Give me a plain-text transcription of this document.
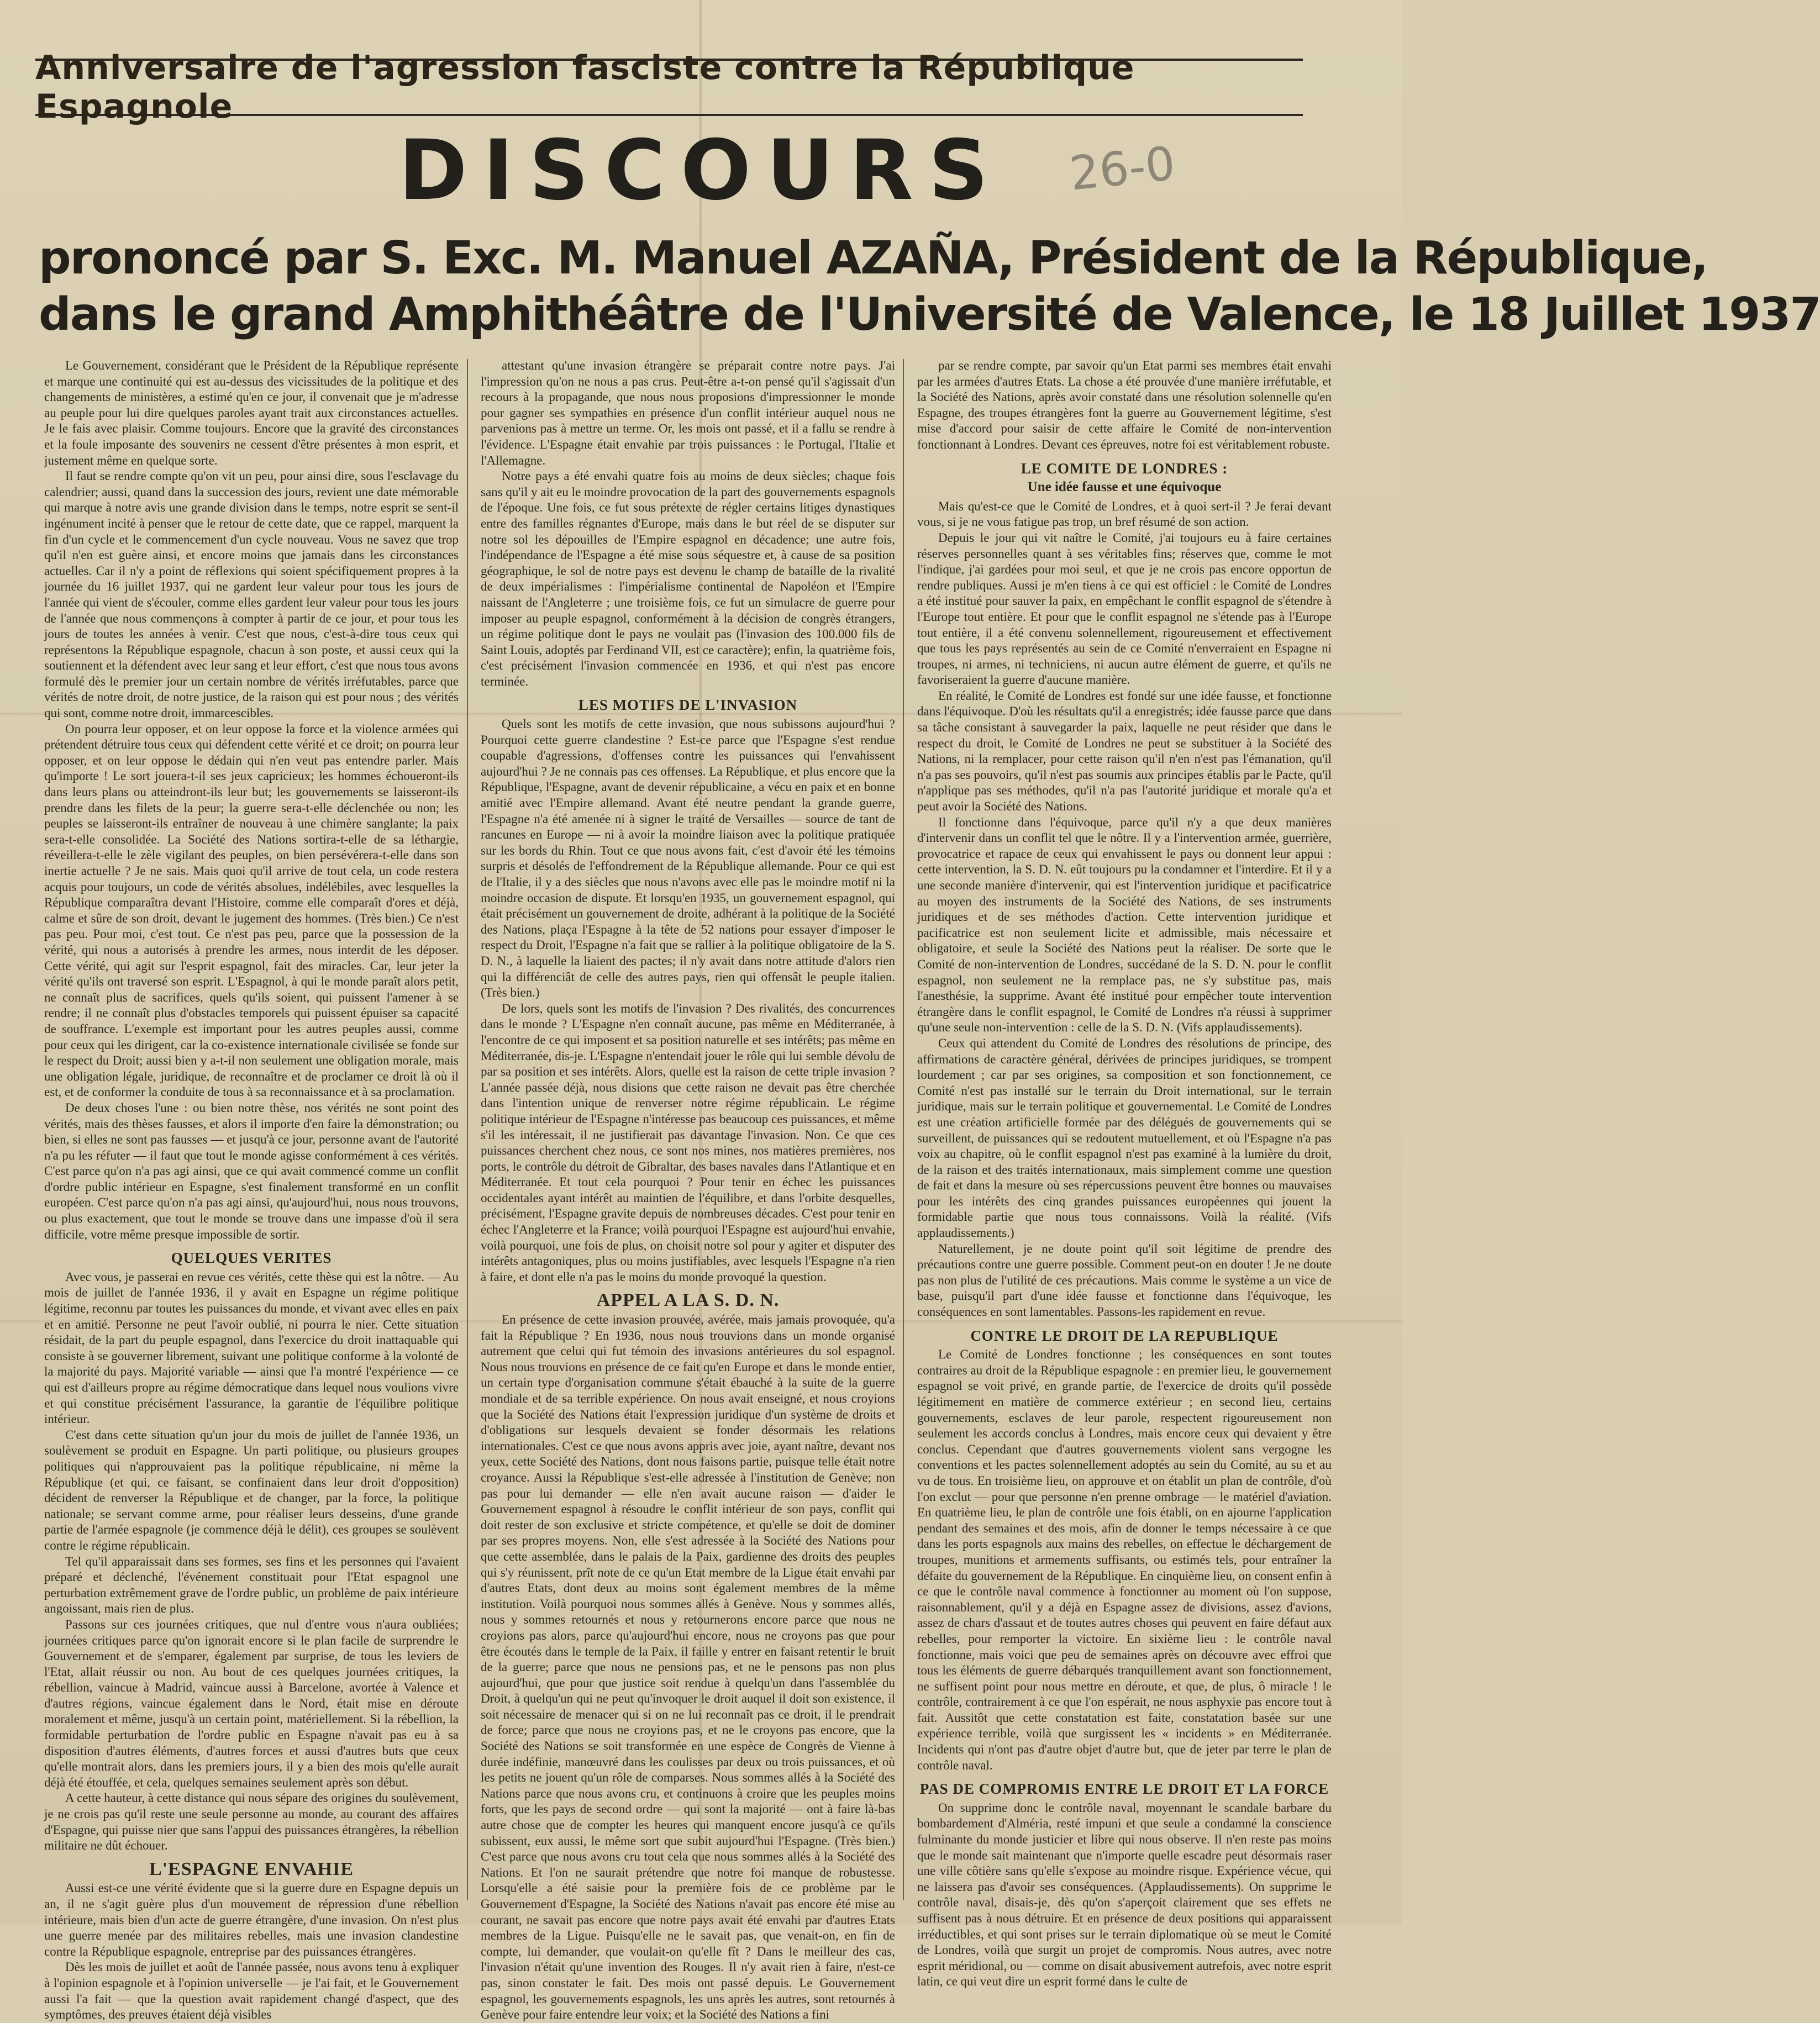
26-0
Anniversaire de l'agression fasciste contre la République Espagnole
DISCOURS
prononcé par S. Exc. M. Manuel AZAÑA, Président de la République,
dans le grand Amphithéâtre de l'Université de Valence, le 18 Juillet 1937

Le Gouvernement, considérant que le Président de la République représente et marque une continuité qui est au-dessus des vicissitudes de la politique et des changements de ministères, a estimé qu'en ce jour, il convenait que je m'adresse au peuple pour lui dire quelques paroles ayant trait aux circonstances actuelles. Je le fais avec plaisir. Comme toujours. Encore que la gravité des circonstances et la foule imposante des souvenirs ne cessent d'être présentes à mon esprit, et justement même en quelque sorte.

Il faut se rendre compte qu'on vit un peu, pour ainsi dire, sous l'esclavage du calendrier; aussi, quand dans la succession des jours, revient une date mémorable qui marque à notre avis une grande division dans le temps, notre esprit se sent-il ingénument incité à penser que le retour de cette date, que ce rappel, marquent la fin d'un cycle et le commencement d'un cycle nouveau. Vous ne savez que trop qu'il n'en est guère ainsi, et encore moins que jamais dans les circonstances actuelles. Car il n'y a point de réflexions qui soient spécifiquement propres à la journée du 16 juillet 1937, qui ne gardent leur valeur pour tous les jours de l'année qui vient de s'écouler, comme elles gardent leur valeur pour tous les jours de l'année que nous commençons à compter à partir de ce jour, et pour tous les jours de toutes les années à venir. C'est que nous, c'est-à-dire tous ceux qui représentons la République espagnole, chacun à son poste, et aussi ceux qui la soutiennent et la défendent avec leur sang et leur effort, c'est que nous tous avons formulé dès le premier jour un certain nombre de vérités irréfutables, parce que vérités de notre droit, de notre justice, de la raison qui est pour nous ; des vérités qui sont, comme notre droit, immarcescibles.

On pourra leur opposer, et on leur oppose la force et la violence armées qui prétendent détruire tous ceux qui défendent cette vérité et ce droit; on pourra leur opposer, et on leur oppose le dédain qui n'en veut pas entendre parler. Mais qu'importe ! Le sort jouera-t-il ses jeux capricieux; les hommes échoueront-ils dans leurs plans ou atteindront-ils leur but; les gouvernements se laisseront-ils prendre dans les filets de la peur; la guerre sera-t-elle déclenchée ou non; les peuples se laisseront-ils entraîner de nouveau à une chimère sanglante; la paix sera-t-elle consolidée. La Société des Nations sortira-t-elle de sa léthargie, réveillera-t-elle le zèle vigilant des peuples, on bien persévérera-t-elle dans son inertie actuelle ? Je ne sais. Mais quoi qu'il arrive de tout cela, un code restera acquis pour toujours, un code de vérités absolues, indélébiles, avec lesquelles la République comparaîtra devant l'Histoire, comme elle comparaît d'ores et déjà, calme et sûre de son droit, devant le jugement des hommes. (Très bien.) Ce n'est pas peu. Pour moi, c'est tout. Ce n'est pas peu, parce que la possession de la vérité, qui nous a autorisés à prendre les armes, nous interdit de les déposer. Cette vérité, qui agit sur l'esprit espagnol, fait des miracles. Car, leur jeter la vérité qu'ils ont traversé son esprit. L'Espagnol, à qui le monde paraît alors petit, ne connaît plus de sacrifices, quels qu'ils soient, qui puissent l'amener à se rendre; il ne connaît plus d'obstacles temporels qui puissent épuiser sa capacité de souffrance. L'exemple est important pour les autres peuples aussi, comme pour ceux qui les dirigent, car la co-existence internationale civilisée se fonde sur le respect du Droit; aussi bien y a-t-il non seulement une obligation morale, mais une obligation légale, juridique, de reconnaître et de proclamer ce droit là où il est, et de conformer la conduite de tous à sa reconnaissance et à sa proclamation.

De deux choses l'une : ou bien notre thèse, nos vérités ne sont point des vérités, mais des thèses fausses, et alors il importe d'en faire la démonstration; ou bien, si elles ne sont pas fausses — et jusqu'à ce jour, personne avant de l'autorité n'a pu les réfuter — il faut que tout le monde agisse conformément à ces vérités. C'est parce qu'on n'a pas agi ainsi, que ce qui avait commencé comme un conflit d'ordre public intérieur en Espagne, s'est finalement transformé en un conflit européen. C'est parce qu'on n'a pas agi ainsi, qu'aujourd'hui, nous nous trouvons, ou plus exactement, que tout le monde se trouve dans une impasse d'où il sera difficile, votre même presque impossible de sortir.

QUELQUES VERITES

Avec vous, je passerai en revue ces vérités, cette thèse qui est la nôtre. — Au mois de juillet de l'année 1936, il y avait en Espagne un régime politique légitime, reconnu par toutes les puissances du monde, et vivant avec elles en paix et en amitié. Personne ne peut l'avoir oublié, ni pourra le nier. Cette situation résidait, de la part du peuple espagnol, dans l'exercice du droit inattaquable qui consiste à se gouverner librement, suivant une politique conforme à la volonté de la majorité du pays. Majorité variable — ainsi que l'a montré l'expérience — ce qui est d'ailleurs propre au régime démocratique dans lequel nous voulions vivre et qui constitue précisément l'assurance, la garantie de l'équilibre politique intérieur.

C'est dans cette situation qu'un jour du mois de juillet de l'année 1936, un soulèvement se produit en Espagne. Un parti politique, ou plusieurs groupes politiques qui n'approuvaient pas la politique républicaine, ni même la République (et qui, ce faisant, se confinaient dans leur droit d'opposition) décident de renverser la République et de changer, par la force, la politique nationale; se servant comme arme, pour réaliser leurs desseins, d'une grande partie de l'armée espagnole (je commence déjà le délit), ces groupes se soulèvent contre le régime républicain.

Tel qu'il apparaissait dans ses formes, ses fins et les personnes qui l'avaient préparé et déclenché, l'événement constituait pour l'Etat espagnol une perturbation extrêmement grave de l'ordre public, un problème de paix intérieure angoissant, mais rien de plus.

Passons sur ces journées critiques, que nul d'entre vous n'aura oubliées; journées critiques parce qu'on ignorait encore si le plan facile de surprendre le Gouvernement et de s'emparer, également par surprise, de tous les leviers de l'Etat, allait réussir ou non. Au bout de ces quelques journées critiques, la rébellion, vaincue à Madrid, vaincue aussi à Barcelone, avortée à Valence et d'autres régions, vaincue également dans le Nord, était mise en déroute moralement et même, jusqu'à un certain point, matériellement. Si la rébellion, la formidable perturbation de l'ordre public en Espagne n'avait pas eu à sa disposition d'autres éléments, d'autres forces et aussi d'autres buts que ceux qu'elle montrait alors, dans les premiers jours, il y a bien des mois qu'elle aurait déjà été étouffée, et cela, quelques semaines seulement après son début.

A cette hauteur, à cette distance qui nous sépare des origines du soulèvement, je ne crois pas qu'il reste une seule personne au monde, au courant des affaires d'Espagne, qui puisse nier que sans l'appui des puissances étrangères, la rébellion militaire ne dût échouer.

L'ESPAGNE ENVAHIE

Aussi est-ce une vérité évidente que si la guerre dure en Espagne depuis un an, il ne s'agit guère plus d'un mouvement de répression d'une rébellion intérieure, mais bien d'un acte de guerre étrangère, d'une invasion. On n'est plus une guerre menée par des militaires rebelles, mais une invasion clandestine contre la République espagnole, entreprise par des puissances étrangères.

Dès les mois de juillet et août de l'année passée, nous avons tenu à expliquer à l'opinion espagnole et à l'opinion universelle — je l'ai fait, et le Gouvernement aussi l'a fait — que la question avait rapidement changé d'aspect, que des symptômes, des preuves étaient déjà visibles

attestant qu'une invasion étrangère se préparait contre notre pays. J'ai l'impression qu'on ne nous a pas crus. Peut-être a-t-on pensé qu'il s'agissait d'un recours à la propagande, que nous nous proposions d'impressionner le monde pour gagner ses sympathies en présence d'un conflit intérieur auquel nous ne parvenions pas à mettre un terme. Or, les mois ont passé, et il a fallu se rendre à l'évidence. L'Espagne était envahie par trois puissances : le Portugal, l'Italie et l'Allemagne.

Notre pays a été envahi quatre fois au moins de deux siècles; chaque fois sans qu'il y ait eu le moindre provocation de la part des gouvernements espagnols de l'époque. Une fois, ce fut sous prétexte de régler certains litiges dynastiques entre des familles régnantes d'Europe, mais dans le but réel de se disputer sur notre sol les dépouilles de l'Empire espagnol en décadence; une autre fois, l'indépendance de l'Espagne a été mise sous séquestre et, à cause de sa position géographique, le sol de notre pays est devenu le champ de bataille de la rivalité de deux impérialismes : l'impérialisme continental de Napoléon et l'Empire naissant de l'Angleterre ; une troisième fois, ce fut un simulacre de guerre pour imposer au peuple espagnol, conformément à la décision de congrès étrangers, un régime politique dont le pays ne voulait pas (l'invasion des 100.000 fils de Saint Louis, adoptés par Ferdinand VII, est ce caractère); enfin, la quatrième fois, c'est précisément l'invasion commencée en 1936, et qui n'est pas encore terminée.

LES MOTIFS DE L'INVASION

Quels sont les motifs de cette invasion, que nous subissons aujourd'hui ? Pourquoi cette guerre clandestine ? Est-ce parce que l'Espagne s'est rendue coupable d'agressions, d'offenses contre les puissances qui l'envahissent aujourd'hui ? Je ne connais pas ces offenses. La République, et plus encore que la République, l'Espagne, avant de devenir républicaine, a vécu en paix et en bonne amitié avec l'Empire allemand. Avant été neutre pendant la grande guerre, l'Espagne n'a été amenée ni à signer le traité de Versailles — source de tant de rancunes en Europe — ni à avoir la moindre liaison avec la politique pratiquée sur les bords du Rhin. Tout ce que nous avons fait, c'est d'avoir été les témoins surpris et désolés de l'effondrement de la République allemande. Pour ce qui est de l'Italie, il y a des siècles que nous n'avons avec elle pas le moindre motif ni la moindre occasion de dispute. Et lorsqu'en 1935, un gouvernement espagnol, qui était précisément un gouvernement de droite, adhérant à la politique de la Société des Nations, plaça l'Espagne à la tête de 52 nations pour essayer d'imposer le respect du Droit, l'Espagne n'a fait que se rallier à la politique obligatoire de la S. D. N., à laquelle la liaient des pactes; il n'y avait dans notre attitude d'alors rien qui la différenciât de celle des autres pays, rien qui offensât le peuple italien. (Très bien.)

De lors, quels sont les motifs de l'invasion ? Des rivalités, des concurrences dans le monde ? L'Espagne n'en connaît aucune, pas même en Méditerranée, à l'encontre de ce qui imposent et sa position naturelle et ses intérêts; pas même en Méditerranée, dis-je. L'Espagne n'entendait jouer le rôle qui lui semble dévolu de par sa position et ses intérêts. Alors, quelle est la raison de cette triple invasion ? L'année passée déjà, nous disions que cette raison ne devait pas être cherchée dans l'intention unique de renverser notre régime républicain. Le régime politique intérieur de l'Espagne n'intéresse pas beaucoup ces puissances, et même s'il les intéressait, il ne justifierait pas davantage l'invasion. Non. Ce que ces puissances cherchent chez nous, ce sont nos mines, nos matières premières, nos ports, le contrôle du détroit de Gibraltar, des bases navales dans l'Atlantique et en Méditerranée. Et tout cela pourquoi ? Pour tenir en échec les puissances occidentales ayant intérêt au maintien de l'équilibre, et dans l'orbite desquelles, précisément, l'Espagne gravite depuis de nombreuses décades. C'est pour tenir en échec l'Angleterre et la France; voilà pourquoi l'Espagne est aujourd'hui envahie, voilà pourquoi, une fois de plus, on choisit notre sol pour y agiter et disputer des intérêts antagoniques, plus ou moins justifiables, avec lesquels l'Espagne n'a rien à faire, et dont elle n'a pas le moins du monde provoqué la question.

APPEL A LA S. D. N.

En présence de cette invasion prouvée, avérée, mais jamais provoquée, qu'a fait la République ? En 1936, nous nous trouvions dans un monde organisé autrement que celui qui fut témoin des invasions antérieures du sol espagnol. Nous nous trouvions en présence de ce fait qu'en Europe et dans le monde entier, un certain type d'organisation commune s'était ébauché à la suite de la guerre mondiale et de sa terrible expérience. On nous avait enseigné, et nous croyions que la Société des Nations était l'expression juridique d'un système de droits et d'obligations sur lesquels devaient se fonder désormais les relations internationales. C'est ce que nous avons appris avec joie, ayant naître, devant nos yeux, cette Société des Nations, dont nous faisons partie, puisque telle était notre croyance. Aussi la République s'est-elle adressée à l'institution de Genève; non pas pour lui demander — elle n'en avait aucune raison — d'aider le Gouvernement espagnol à résoudre le conflit intérieur de son pays, conflit qui doit rester de son exclusive et stricte compétence, et qu'elle se doit de dominer par ses propres moyens. Non, elle s'est adressée à la Société des Nations pour que cette assemblée, dans le palais de la Paix, gardienne des droits des peuples qui s'y réunissent, prît note de ce qu'un Etat membre de la Ligue était envahi par d'autres Etats, dont deux au moins sont également membres de la même institution. Voilà pourquoi nous sommes allés à Genève. Nous y sommes allés, nous y sommes retournés et nous y retournerons encore parce que nous ne croyions pas alors, parce qu'aujourd'hui encore, nous ne croyons pas que pour être écoutés dans le temple de la Paix, il faille y entrer en faisant retentir le bruit de la guerre; parce que nous ne pensions pas, et ne le pensons pas non plus aujourd'hui, que pour que justice soit rendue à quelqu'un dans l'assemblée du Droit, à quelqu'un qui ne peut qu'invoquer le droit auquel il doit son existence, il soit nécessaire de menacer qui si on ne lui reconnaît pas ce droit, il le prendrait de force; parce que nous ne croyions pas, et ne le croyons pas encore, que la Société des Nations se soit transformée en une espèce de Congrès de Vienne à durée indéfinie, manœuvré dans les coulisses par deux ou trois puissances, et où les petits ne jouent qu'un rôle de comparses. Nous sommes allés à la Société des Nations parce que nous avons cru, et continuons à croire que les peuples moins forts, que les pays de second ordre — qui sont la majorité — ont à faire là-bas autre chose que de compter les heures qui manquent encore jusqu'à ce qu'ils subissent, eux aussi, le même sort que subit aujourd'hui l'Espagne. (Très bien.) C'est parce que nous avons cru tout cela que nous sommes allés à la Société des Nations. Et l'on ne saurait prétendre que notre foi manque de robustesse. Lorsqu'elle a été saisie pour la première fois de ce problème par le Gouvernement d'Espagne, la Société des Nations n'avait pas encore été mise au courant, ne savait pas encore que notre pays avait été envahi par d'autres Etats membres de la Ligue. Puisqu'elle ne le savait pas, que venait-on, en fin de compte, lui demander, que voulait-on qu'elle fît ? Dans le meilleur des cas, l'invasion n'était qu'une invention des Rouges. Il n'y avait rien à faire, n'est-ce pas, sinon constater le fait. Des mois ont passé depuis. Le Gouvernement espagnol, les gouvernements espagnols, les uns après les autres, sont retournés à Genève pour faire entendre leur voix; et la Société des Nations a fini

par se rendre compte, par savoir qu'un Etat parmi ses membres était envahi par les armées d'autres Etats. La chose a été prouvée d'une manière irréfutable, et la Société des Nations, après avoir constaté dans une résolution solennelle qu'en Espagne, des troupes étrangères font la guerre au Gouvernement légitime, s'est mise d'accord pour saisir de cette affaire le Comité de non-intervention fonctionnant à Londres. Devant ces épreuves, notre foi est véritablement robuste.

LE COMITE DE LONDRES :
Une idée fausse et une équivoque

Mais qu'est-ce que le Comité de Londres, et à quoi sert-il ? Je ferai devant vous, si je ne vous fatigue pas trop, un bref résumé de son action.

Depuis le jour qui vit naître le Comité, j'ai toujours eu à faire certaines réserves personnelles quant à ses véritables fins; réserves que, comme le mot l'indique, j'ai gardées pour moi seul, et que je ne crois pas encore opportun de rendre publiques. Aussi je m'en tiens à ce qui est officiel : le Comité de Londres a été institué pour sauver la paix, en empêchant le conflit espagnol de s'étendre à l'Europe tout entière. Et pour que le conflit espagnol ne s'étende pas à l'Europe tout entière, il a été convenu solennellement, rigoureusement et effectivement que tous les pays représentés au sein de ce Comité n'enverraient en Espagne ni troupes, ni armes, ni techniciens, ni aucun autre élément de guerre, et qu'ils ne favoriseraient la guerre d'aucune manière.

En réalité, le Comité de Londres est fondé sur une idée fausse, et fonctionne dans l'équivoque. D'où les résultats qu'il a enregistrés; idée fausse parce que dans sa tâche consistant à sauvegarder la paix, laquelle ne peut résider que dans le respect du droit, le Comité de Londres ne peut se substituer à la Société des Nations, ni la remplacer, pour cette raison qu'il n'en n'est pas l'émanation, qu'il n'a pas ses pouvoirs, qu'il n'est pas soumis aux principes établis par le Pacte, qu'il n'applique pas ses méthodes, qu'il n'a pas l'autorité juridique et morale qu'a et peut avoir la Société des Nations.

Il fonctionne dans l'équivoque, parce qu'il n'y a que deux manières d'intervenir dans un conflit tel que le nôtre. Il y a l'intervention armée, guerrière, provocatrice et rapace de ceux qui envahissent le pays ou donnent leur appui : cette intervention, la S. D. N. eût toujours pu la condamner et l'interdire. Et il y a une seconde manière d'intervenir, qui est l'intervention juridique et pacificatrice au moyen des instruments de la Société des Nations, de ses instruments juridiques et de ses méthodes d'action. Cette intervention juridique et pacificatrice est non seulement licite et admissible, mais nécessaire et obligatoire, et seule la Société des Nations peut la réaliser. De sorte que le Comité de non-intervention de Londres, succédané de la S. D. N. pour le conflit espagnol, non seulement ne la remplace pas, ne s'y substitue pas, mais l'anesthésie, la supprime. Avant été institué pour empêcher toute intervention étrangère dans le conflit espagnol, le Comité de Londres n'a réussi à supprimer qu'une seule non-intervention : celle de la S. D. N. (Vifs applaudissements).

Ceux qui attendent du Comité de Londres des résolutions de principe, des affirmations de caractère général, dérivées de principes juridiques, se trompent lourdement ; car par ses origines, sa composition et son fonctionnement, ce Comité n'est pas installé sur le terrain du Droit international, sur le terrain juridique, mais sur le terrain politique et gouvernemental. Le Comité de Londres est une création artificielle formée par des délégués de gouvernements qui se surveillent, de puissances qui se redoutent mutuellement, et où l'Espagne n'a pas voix au chapitre, où le conflit espagnol n'est pas examiné à la lumière du droit, de la raison et des traités internationaux, mais simplement comme une question de fait et dans la mesure où ses répercussions peuvent être bonnes ou mauvaises pour les intérêts des cinq grandes puissances européennes qui jouent la formidable partie que nous tous connaissons. Voilà la réalité. (Vifs applaudissements.)

Naturellement, je ne doute point qu'il soit légitime de prendre des précautions contre une guerre possible. Comment peut-on en douter ! Je ne doute pas non plus de l'utilité de ces précautions. Mais comme le système a un vice de base, puisqu'il part d'une idée fausse et fonctionne dans l'équivoque, les conséquences en sont lamentables. Passons-les rapidement en revue.

CONTRE LE DROIT DE LA REPUBLIQUE

Le Comité de Londres fonctionne ; les conséquences en sont toutes contraires au droit de la République espagnole : en premier lieu, le gouvernement espagnol se voit privé, en grande partie, de l'exercice de droits qu'il possède légitimement en matière de commerce extérieur ; en second lieu, certains gouvernements, esclaves de leur parole, respectent rigoureusement non seulement les accords conclus à Londres, mais encore ceux qui devaient y être conclus. Cependant que d'autres gouvernements violent sans vergogne les conventions et les pactes solennellement adoptés au sein du Comité, au su et au vu de tous. En troisième lieu, on approuve et on établit un plan de contrôle, d'où l'on exclut — pour que personne n'en prenne ombrage — le matériel d'aviation. En quatrième lieu, le plan de contrôle une fois établi, on en ajourne l'application pendant des semaines et des mois, afin de donner le temps nécessaire à ce que dans les ports espagnols aux mains des rebelles, on effectue le déchargement de troupes, munitions et armements suffisants, ou estimés tels, pour entraîner la défaite du gouvernement de la République. En cinquième lieu, on consent enfin à ce que le contrôle naval commence à fonctionner au moment où l'on suppose, raisonnablement, qu'il y a déjà en Espagne assez de divisions, assez d'avions, assez de chars d'assaut et de toutes autres choses qui peuvent en faire défaut aux rebelles, pour remporter la victoire. En sixième lieu : le contrôle naval fonctionne, mais voici que peu de semaines après on découvre avec effroi que tous les éléments de guerre débarqués tranquillement avant son fonctionnement, ne suffisent point pour nous mettre en déroute, et que, de plus, ô miracle ! le contrôle, contrairement à ce que l'on espérait, ne nous asphyxie pas encore tout à fait. Aussitôt que cette constatation est faite, constatation basée sur une expérience terrible, voilà que surgissent les « incidents » en Méditerranée. Incidents qui n'ont pas d'autre objet d'autre but, que de jeter par terre le plan de contrôle naval.

PAS DE COMPROMIS ENTRE LE DROIT ET LA FORCE

On supprime donc le contrôle naval, moyennant le scandale barbare du bombardement d'Alméria, resté impuni et que seule a condamné la conscience fulminante du monde justicier et libre qui nous observe. Il n'en reste pas moins que le monde sait maintenant que n'importe quelle escadre peut désormais raser une ville côtière sans qu'elle s'expose au moindre risque. Expérience vécue, qui ne laissera pas d'avoir ses conséquences. (Applaudissements). On supprime le contrôle naval, disais-je, dès qu'on s'aperçoit clairement que ses effets ne suffisent pas à nous détruire. Et en présence de deux positions qui apparaissent irréductibles, et qui sont prises sur le terrain diplomatique où se meut le Comité de Londres, voilà que surgit un projet de compromis. Nous autres, avec notre esprit méridional, ou — comme on disait abusivement autrefois, avec notre esprit latin, ce qui veut dire un esprit formé dans le culte de
